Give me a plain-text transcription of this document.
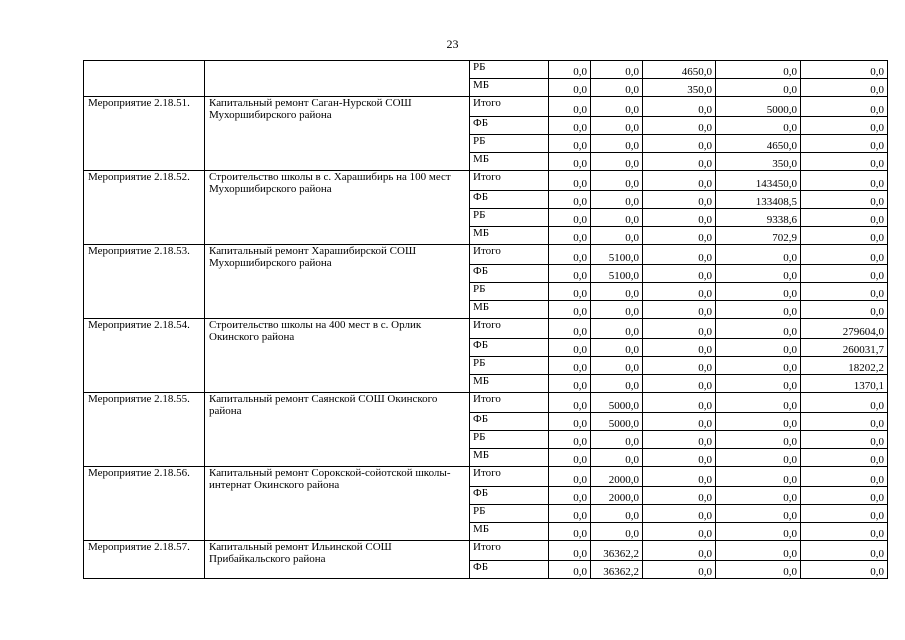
23
		РБ	0,0	0,0	4650,0	0,0	0,0
		МБ	0,0	0,0	350,0	0,0	0,0
Мероприятие 2.18.51.	Капитальный ремонт Саган-Нурской СОШ Мухоршибирского района	Итого	0,0	0,0	0,0	5000,0	0,0
		ФБ	0,0	0,0	0,0	0,0	0,0
		РБ	0,0	0,0	0,0	4650,0	0,0
		МБ	0,0	0,0	0,0	350,0	0,0
Мероприятие 2.18.52.	Строительство школы в с. Харашибирь на 100 мест Мухоршибирского района	Итого	0,0	0,0	0,0	143450,0	0,0
		ФБ	0,0	0,0	0,0	133408,5	0,0
		РБ	0,0	0,0	0,0	9338,6	0,0
		МБ	0,0	0,0	0,0	702,9	0,0
Мероприятие 2.18.53.	Капитальный ремонт Харашибирской СОШ Мухоршибирского района	Итого	0,0	5100,0	0,0	0,0	0,0
		ФБ	0,0	5100,0	0,0	0,0	0,0
		РБ	0,0	0,0	0,0	0,0	0,0
		МБ	0,0	0,0	0,0	0,0	0,0
Мероприятие 2.18.54.	Строительство школы на 400 мест в с. Орлик Окинского района	Итого	0,0	0,0	0,0	0,0	279604,0
		ФБ	0,0	0,0	0,0	0,0	260031,7
		РБ	0,0	0,0	0,0	0,0	18202,2
		МБ	0,0	0,0	0,0	0,0	1370,1
Мероприятие 2.18.55.	Капитальный ремонт Саянской СОШ Окинского района	Итого	0,0	5000,0	0,0	0,0	0,0
		ФБ	0,0	5000,0	0,0	0,0	0,0
		РБ	0,0	0,0	0,0	0,0	0,0
		МБ	0,0	0,0	0,0	0,0	0,0
Мероприятие 2.18.56.	Капитальный ремонт Сорокской-сойотской школы-интернат Окинского района	Итого	0,0	2000,0	0,0	0,0	0,0
		ФБ	0,0	2000,0	0,0	0,0	0,0
		РБ	0,0	0,0	0,0	0,0	0,0
		МБ	0,0	0,0	0,0	0,0	0,0
Мероприятие 2.18.57.	Капитальный ремонт Ильинской СОШ Прибайкальского района	Итого	0,0	36362,2	0,0	0,0	0,0
		ФБ	0,0	36362,2	0,0	0,0	0,0
